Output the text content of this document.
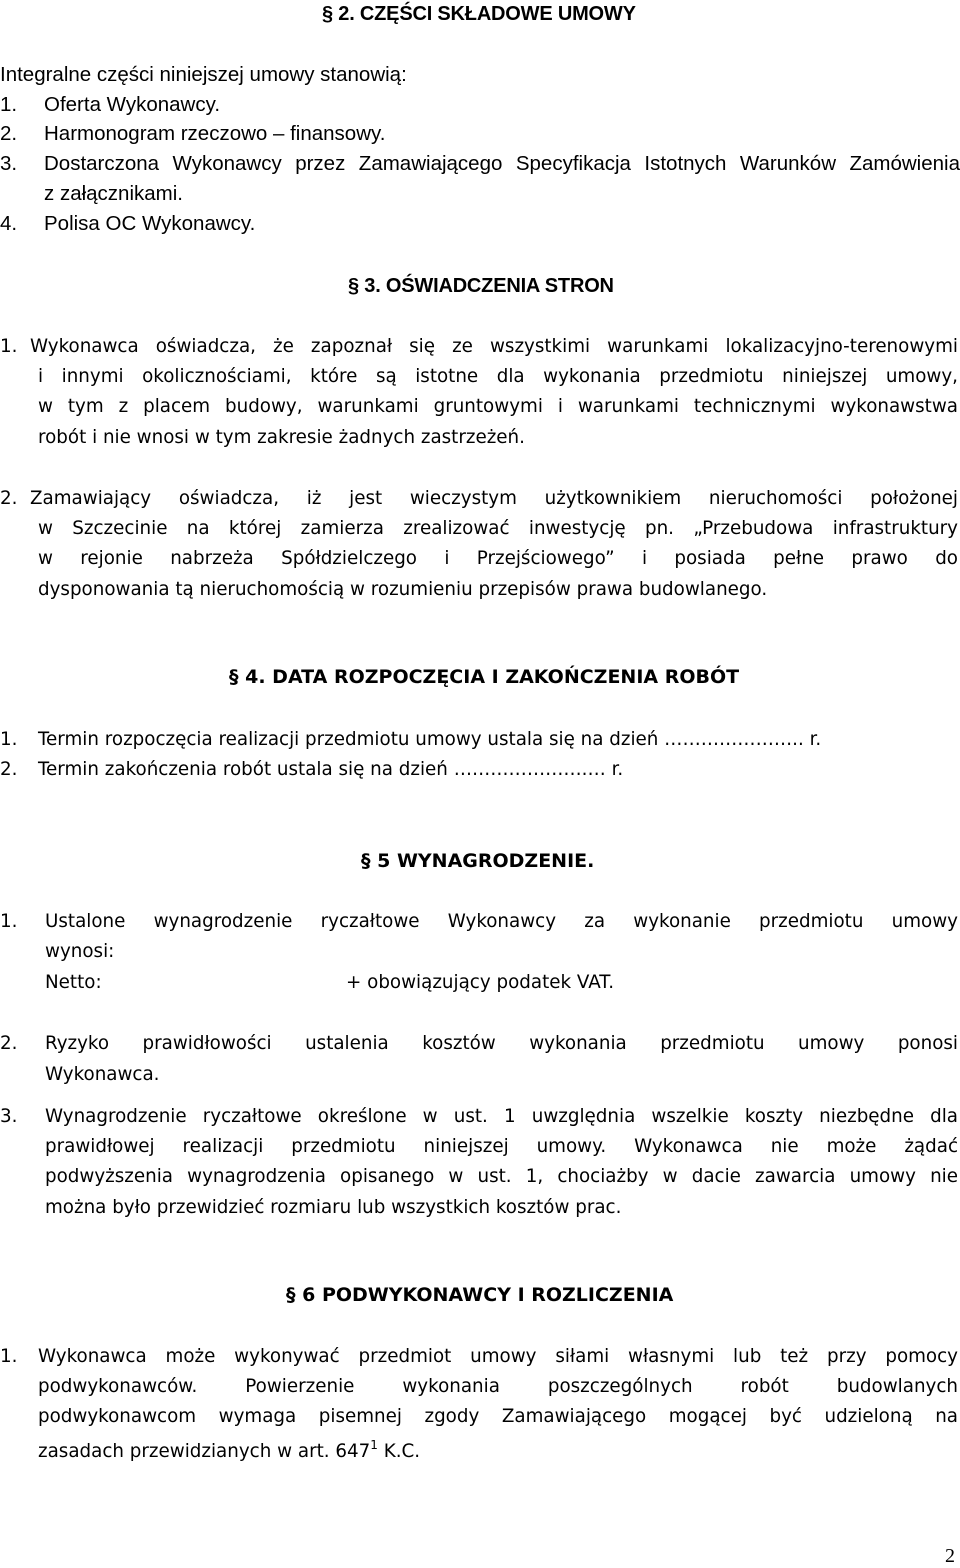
§ 2. CZĘŚCI SKŁADOWE UMOWY
Integralne części niniejszej umowy stanowią:
1. Oferta Wykonawcy.
2. Harmonogram rzeczowo – finansowy.
3. Dostarczona Wykonawcy przez Zamawiającego Specyfikacja Istotnych Warunków Zamówienia
z załącznikami.
4. Polisa OC Wykonawcy.
§ 3. OŚWIADCZENIA STRON
1. Wykonawca oświadcza, że zapoznał się ze wszystkimi warunkami lokalizacyjno-terenowymi
i innymi okolicznościami, które są istotne dla wykonania przedmiotu niniejszej umowy,
w tym z placem budowy, warunkami gruntowymi i warunkami technicznymi wykonawstwa
robót i nie wnosi w tym zakresie żadnych zastrzeżeń.
2. Zamawiający oświadcza, iż jest wieczystym użytkownikiem nieruchomości położonej
w Szczecinie na której zamierza zrealizować inwestycję pn. „Przebudowa infrastruktury
w rejonie nabrzeża Spółdzielczego i Przejściowego” i posiada pełne prawo do
dysponowania tą nieruchomością w rozumieniu przepisów prawa budowlanego.
§ 4. DATA ROZPOCZĘCIA I ZAKOŃCZENIA ROBÓT
1. Termin rozpoczęcia realizacji przedmiotu umowy ustala się na dzień ………………….. r.
2. Termin zakończenia robót ustala się na dzień ………………….… r.
§ 5 WYNAGRODZENIE.
1. Ustalone wynagrodzenie ryczałtowe Wykonawcy za wykonanie przedmiotu umowy
wynosi:
Netto:	+ obowiązujący podatek VAT.
2. Ryzyko prawidłowości ustalenia kosztów wykonania przedmiotu umowy ponosi
Wykonawca.
3. Wynagrodzenie ryczałtowe określone w ust. 1 uwzględnia wszelkie koszty niezbędne dla
prawidłowej realizacji przedmiotu niniejszej umowy. Wykonawca nie może żądać
podwyższenia wynagrodzenia opisanego w ust. 1, chociażby w dacie zawarcia umowy nie
można było przewidzieć rozmiaru lub wszystkich kosztów prac.
§ 6 PODWYKONAWCY I ROZLICZENIA
1. Wykonawca może wykonywać przedmiot umowy siłami własnymi lub też przy pomocy
podwykonawców. Powierzenie wykonania poszczególnych robót budowlanych
podwykonawcom wymaga pisemnej zgody Zamawiającego mogącej być udzieloną na
zasadach przewidzianych w art. $647^1$ K.C.
2
